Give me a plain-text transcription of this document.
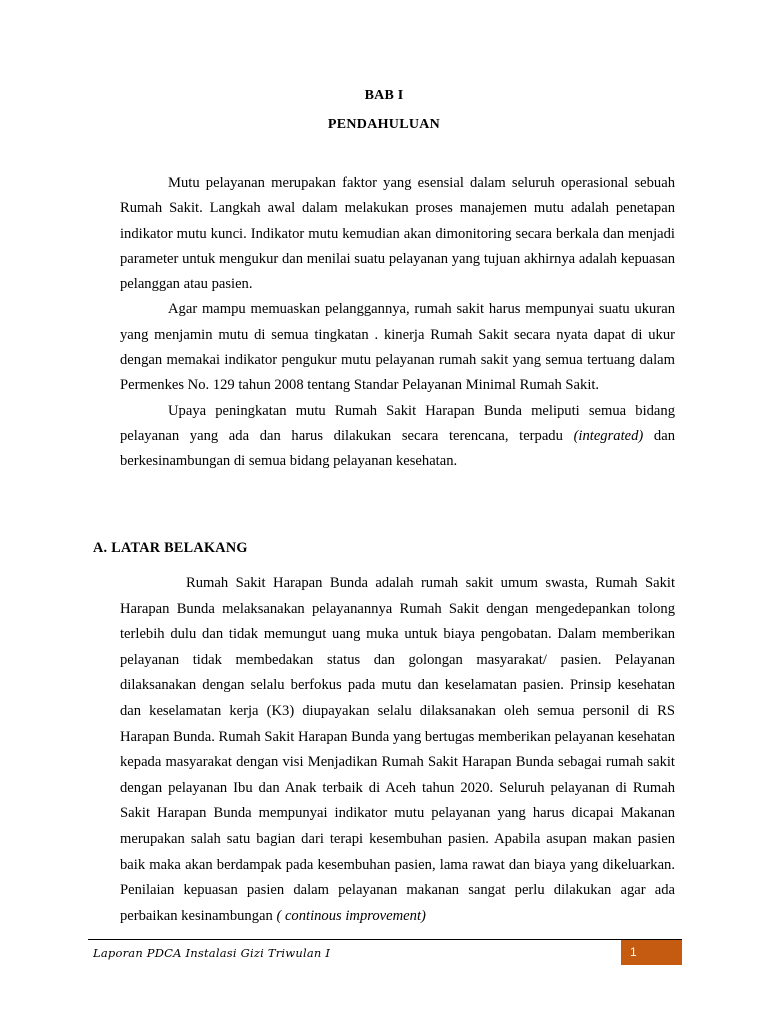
BAB I
PENDAHULUAN

Mutu pelayanan merupakan faktor yang esensial dalam seluruh operasional sebuah Rumah Sakit. Langkah awal dalam melakukan proses manajemen mutu adalah penetapan indikator mutu kunci. Indikator mutu kemudian akan dimonitoring secara berkala dan menjadi parameter untuk mengukur dan menilai suatu pelayanan yang tujuan akhirnya adalah kepuasan pelanggan atau pasien.

Agar mampu memuaskan pelanggannya, rumah sakit harus mempunyai suatu ukuran yang menjamin mutu di semua tingkatan . kinerja Rumah Sakit secara nyata dapat di ukur dengan memakai indikator pengukur mutu pelayanan rumah sakit yang semua tertuang dalam Permenkes No. 129 tahun 2008 tentang Standar Pelayanan Minimal Rumah Sakit.

Upaya peningkatan mutu Rumah Sakit Harapan Bunda meliputi semua bidang pelayanan yang ada dan harus dilakukan secara terencana, terpadu (integrated) dan berkesinambungan di semua bidang pelayanan kesehatan.

A. LATAR BELAKANG

Rumah Sakit Harapan Bunda adalah rumah sakit umum swasta, Rumah Sakit Harapan Bunda melaksanakan pelayanannya Rumah Sakit dengan mengedepankan tolong terlebih dulu dan tidak memungut uang muka untuk biaya pengobatan. Dalam memberikan pelayanan tidak membedakan status dan golongan masyarakat/ pasien. Pelayanan dilaksanakan dengan selalu berfokus pada mutu dan keselamatan pasien. Prinsip kesehatan dan keselamatan kerja (K3) diupayakan selalu dilaksanakan oleh semua personil di RS Harapan Bunda. Rumah Sakit Harapan Bunda yang bertugas memberikan pelayanan kesehatan kepada masyarakat dengan visi Menjadikan Rumah Sakit Harapan Bunda sebagai rumah sakit dengan pelayanan Ibu dan Anak terbaik di Aceh tahun 2020. Seluruh pelayanan di Rumah Sakit Harapan Bunda mempunyai indikator mutu pelayanan yang harus dicapai Makanan merupakan salah satu bagian dari terapi kesembuhan pasien. Apabila asupan makan pasien baik maka akan berdampak pada kesembuhan pasien, lama rawat dan biaya yang dikeluarkan. Penilaian kepuasan pasien dalam pelayanan makanan sangat perlu dilakukan agar ada perbaikan kesinambungan ( continous improvement)

Laporan PDCA Instalasi Gizi Triwulan I	1
